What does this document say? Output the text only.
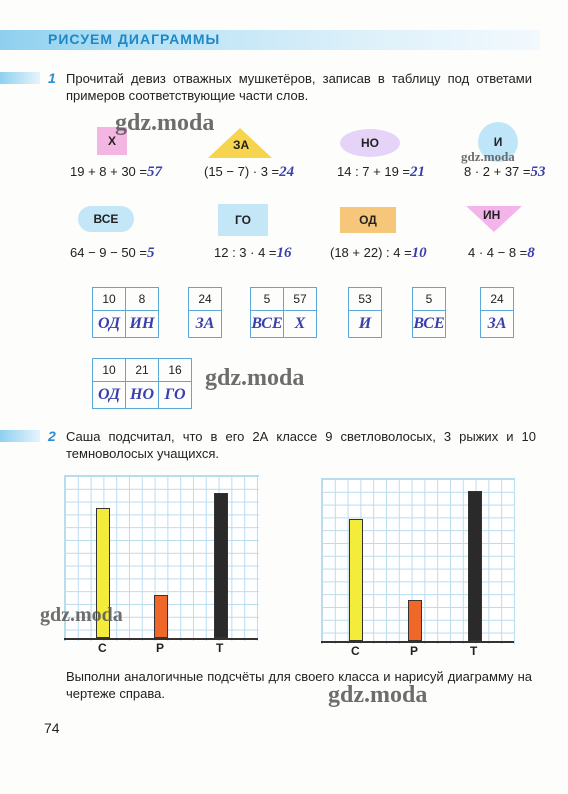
РИСУЕМ ДИАГРАММЫ
1 Прочитай девиз отважных мушкетёров, записав в таблицу под ответами примеров соответствующие части слов.
Х	ЗА	НО	И
19 + 8 + 30 =57	(15 − 7) · 3 =24	14 : 7 + 19 =21	8 · 2 + 37 =53
ВСЕ	ГО	ОД	ИН
64 − 9 − 50 =5	12 : 3 · 4 =16	(18 + 22) : 4 =10	4 · 4 − 8 =8
10	8
ОД	ИН
24
ЗА
5	57
ВСЕ	Х
53
И
5
ВСЕ
24
ЗА
10	21	16
ОД	НО	ГО
2 Саша подсчитал, что в его 2А классе 9 светловолосых, 3 рыжих и 10 темноволосых учащихся.
С	Р	Т	С	Р	Т
Выполни аналогичные подсчёты для своего класса и нарисуй диаграмму на чертеже справа.
74
gdz.moda
gdz.moda
gdz.moda
gdz.moda
gdz.moda
